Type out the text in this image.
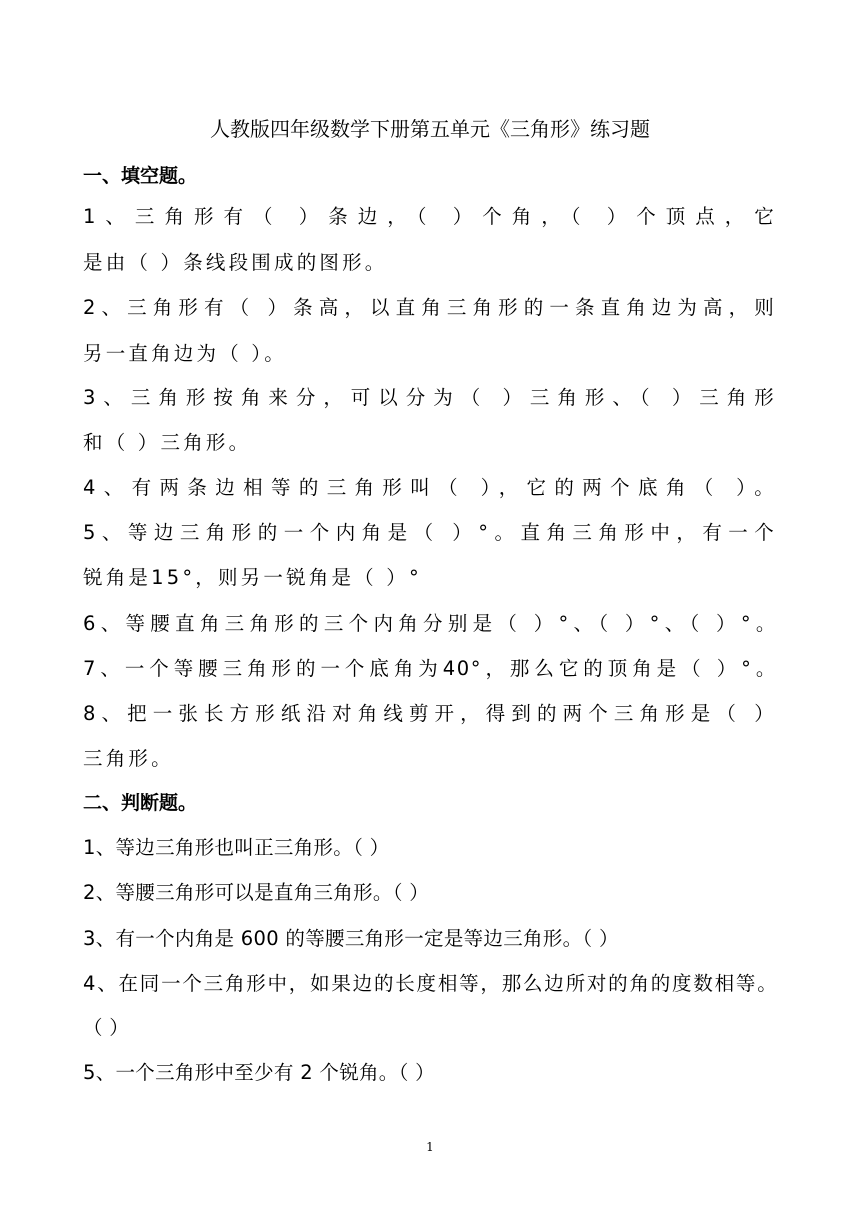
人教版四年级数学下册第五单元《三角形》练习题
一、填空题。
1、三角形有（ ）条边，（ ）个角，（ ）个顶点，它
是由（ ）条线段围成的图形。
2、三角形有（ ）条高，以直角三角形的一条直角边为高，则
另一直角边为（ ）。
3、三角形按角来分，可以分为（ ）三角形、（ ）三角形
和（ ）三角形。
4、有两条边相等的三角形叫（ ），它的两个底角（ ）。
5、等边三角形的一个内角是（ ）°。直角三角形中，有一个
锐角是15°，则另一锐角是（ ）°
6、等腰直角三角形的三个内角分别是（ ）°、（ ）°、（ ）°。
7、一个等腰三角形的一个底角为40°，那么它的顶角是（ ）°。
8、把一张长方形纸沿对角线剪开，得到的两个三角形是（ ）
三角形。
二、判断题。
1、等边三角形也叫正三角形。（ ）
2、等腰三角形可以是直角三角形。（ ）
3、有一个内角是 600 的等腰三角形一定是等边三角形。（ ）
4、在同一个三角形中，如果边的长度相等，那么边所对的角的度数相等。
（ ）
5、一个三角形中至少有 2 个锐角。（ ）
1
